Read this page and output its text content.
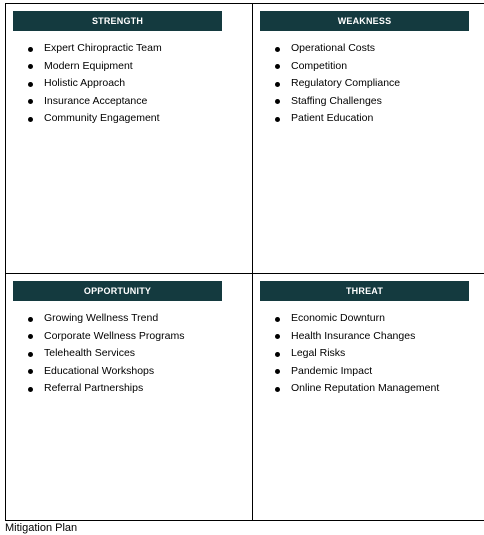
STRENGTH
Expert Chiropractic Team
Modern Equipment
Holistic Approach
Insurance Acceptance
Community Engagement
WEAKNESS
Operational Costs
Competition
Regulatory Compliance
Staffing Challenges
Patient Education
OPPORTUNITY
Growing Wellness Trend
Corporate Wellness Programs
Telehealth Services
Educational Workshops
Referral Partnerships
THREAT
Economic Downturn
Health Insurance Changes
Legal Risks
Pandemic Impact
Online Reputation Management
Mitigation Plan
